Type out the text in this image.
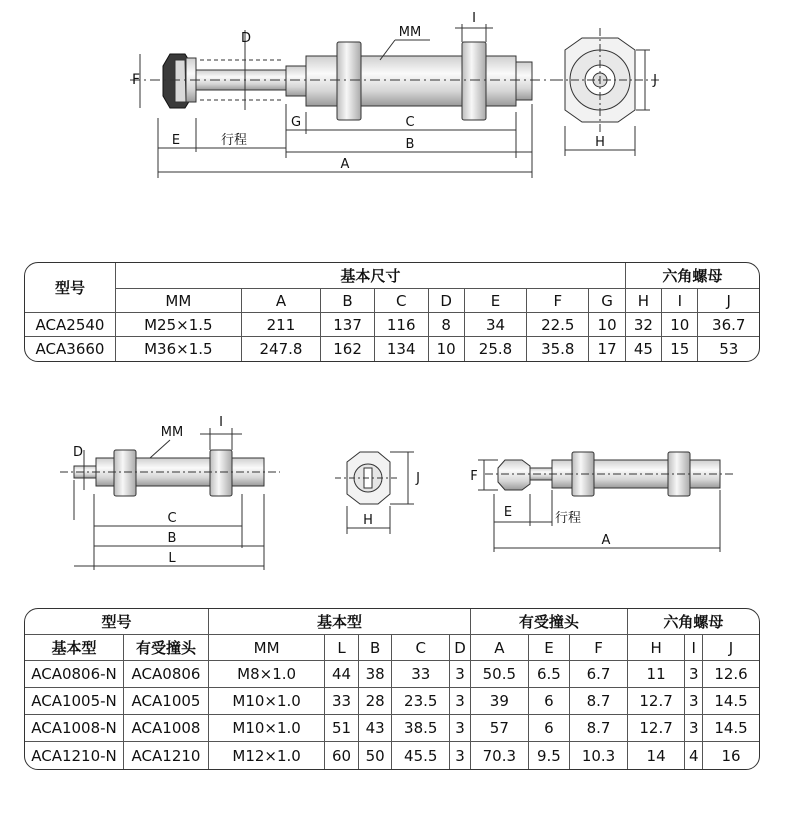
F
D	MM
I
E	行程
G	C
B
A
H
J
型号	基本尺寸								六角螺母		
	MM	A	B	C	D	E	F	G	H	I	J
ACA2540	M25×1.5	211	137	116	8	34	22.5	10	32	10	36.7
ACA3660	M36×1.5	247.8	162	134	10	25.8	35.8	17	45	15	53
D
MM
I
C
B
L
H
J	F
E	行程
A
型号		基本型					有受撞头			六角螺母		
基本型	有受撞头	MM	L	B	C	D	A	E	F	H	I	J
ACA0806-N	ACA0806	M8×1.0	44	38	33	3	50.5	6.5	6.7	11	3	12.6
ACA1005-N	ACA1005	M10×1.0	33	28	23.5	3	39	6	8.7	12.7	3	14.5
ACA1008-N	ACA1008	M10×1.0	51	43	38.5	3	57	6	8.7	12.7	3	14.5
ACA1210-N	ACA1210	M12×1.0	60	50	45.5	3	70.3	9.5	10.3	14	4	16
